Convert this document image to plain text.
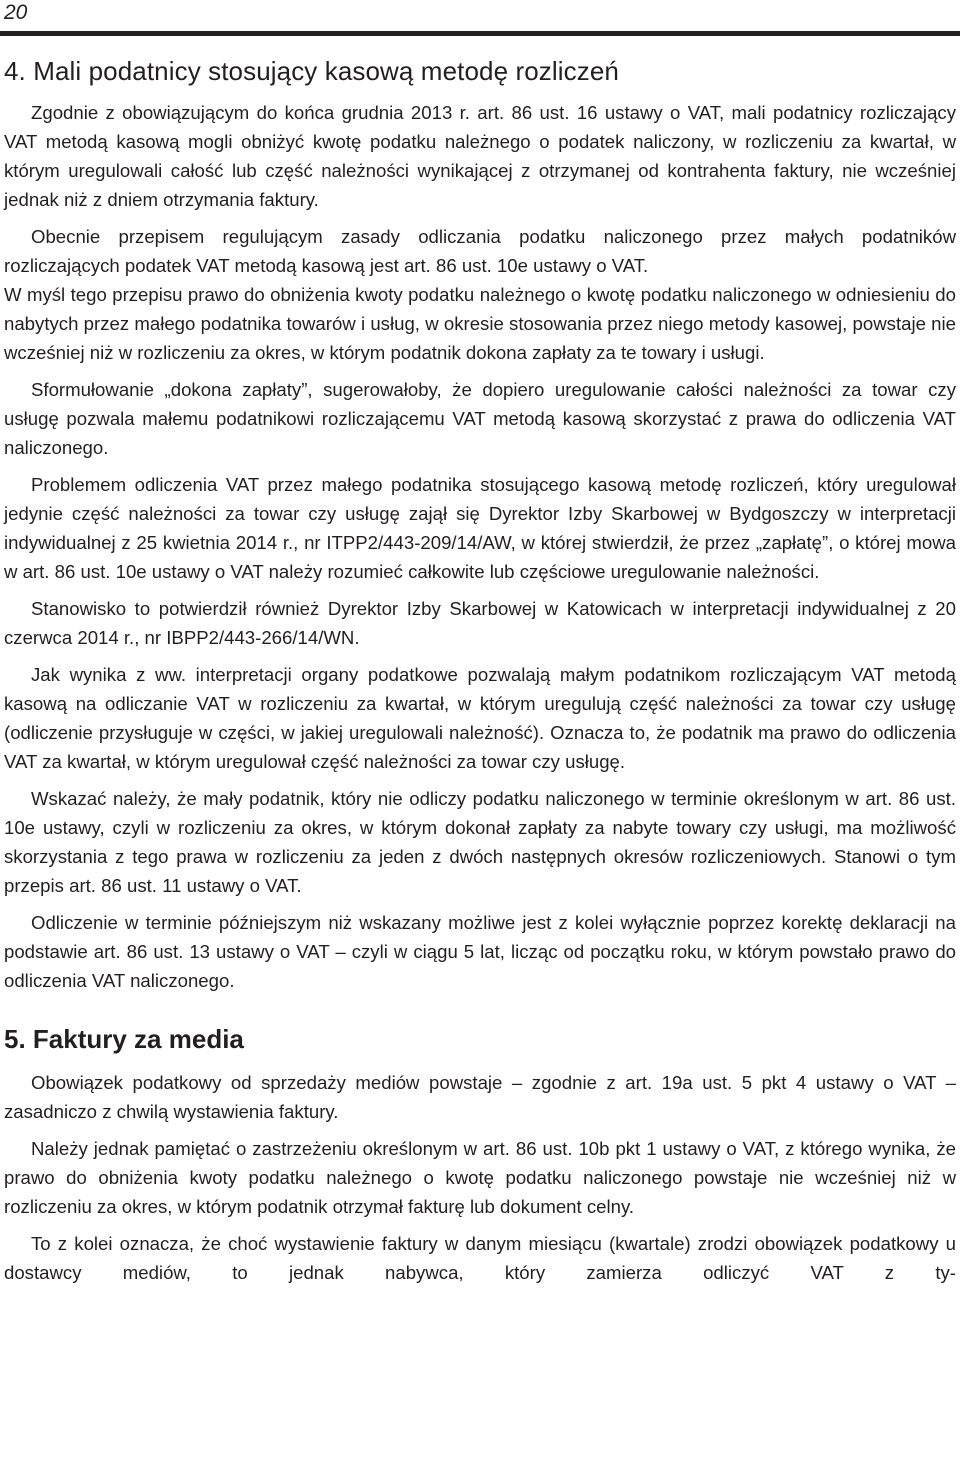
20
4. Mali podatnicy stosujący kasową metodę rozliczeń

Zgodnie z obowiązującym do końca grudnia 2013 r. art. 86 ust. 16 ustawy o VAT, mali podatnicy rozliczający VAT metodą kasową mogli obniżyć kwotę podatku należnego o podatek naliczony, w rozliczeniu za kwartał, w którym uregulowali całość lub część należności wynikającej z otrzymanej od kontrahenta faktury, nie wcześniej jednak niż z dniem otrzymania faktury.

Obecnie przepisem regulującym zasady odliczania podatku naliczonego przez małych podatników rozliczających podatek VAT metodą kasową jest art. 86 ust. 10e ustawy o VAT.

W myśl tego przepisu prawo do obniżenia kwoty podatku należnego o kwotę podatku naliczonego w odniesieniu do nabytych przez małego podatnika towarów i usług, w okresie stosowania przez niego metody kasowej, powstaje nie wcześniej niż w rozliczeniu za okres, w którym podatnik dokona zapłaty za te towary i usługi.

Sformułowanie „dokona zapłaty”, sugerowałoby, że dopiero uregulowanie całości należności za towar czy usługę pozwala małemu podatnikowi rozliczającemu VAT metodą kasową skorzystać z prawa do odliczenia VAT naliczonego.

Problemem odliczenia VAT przez małego podatnika stosującego kasową metodę rozliczeń, który uregulował jedynie część należności za towar czy usługę zajął się Dyrektor Izby Skarbowej w Bydgoszczy w interpretacji indywidualnej z 25 kwietnia 2014 r., nr ITPP2/443-209/14/AW, w której stwierdził, że przez „zapłatę”, o której mowa w art. 86 ust. 10e ustawy o VAT należy rozumieć całkowite lub częściowe uregulowanie należności.

Stanowisko to potwierdził również Dyrektor Izby Skarbowej w Katowicach w interpretacji indywidualnej z 20 czerwca 2014 r., nr IBPP2/443-266/14/WN.

Jak wynika z ww. interpretacji organy podatkowe pozwalają małym podatnikom rozliczającym VAT metodą kasową na odliczanie VAT w rozliczeniu za kwartał, w którym uregulują część należności za towar czy usługę (odliczenie przysługuje w części, w jakiej uregulowali należność). Oznacza to, że podatnik ma prawo do odliczenia VAT za kwartał, w którym uregulował część należności za towar czy usługę.

Wskazać należy, że mały podatnik, który nie odliczy podatku naliczonego w terminie określonym w art. 86 ust. 10e ustawy, czyli w rozliczeniu za okres, w którym dokonał zapłaty za nabyte towary czy usługi, ma możliwość skorzystania z tego prawa w rozliczeniu za jeden z dwóch następnych okresów rozliczeniowych. Stanowi o tym przepis art. 86 ust. 11 ustawy o VAT.

Odliczenie w terminie późniejszym niż wskazany możliwe jest z kolei wyłącznie poprzez korektę deklaracji na podstawie art. 86 ust. 13 ustawy o VAT – czyli w ciągu 5 lat, licząc od początku roku, w którym powstało prawo do odliczenia VAT naliczonego.

5. Faktury za media

Obowiązek podatkowy od sprzedaży mediów powstaje – zgodnie z art. 19a ust. 5 pkt 4 ustawy o VAT – zasadniczo z chwilą wystawienia faktury.

Należy jednak pamiętać o zastrzeżeniu określonym w art. 86 ust. 10b pkt 1 ustawy o VAT, z którego wynika, że prawo do obniżenia kwoty podatku należnego o kwotę podatku naliczonego powstaje nie wcześniej niż w rozliczeniu za okres, w którym podatnik otrzymał fakturę lub dokument celny.

To z kolei oznacza, że choć wystawienie faktury w danym miesiącu (kwartale) zrodzi obowiązek podatkowy u dostawcy mediów, to jednak nabywca, który zamierza odliczyć VAT z ty-
